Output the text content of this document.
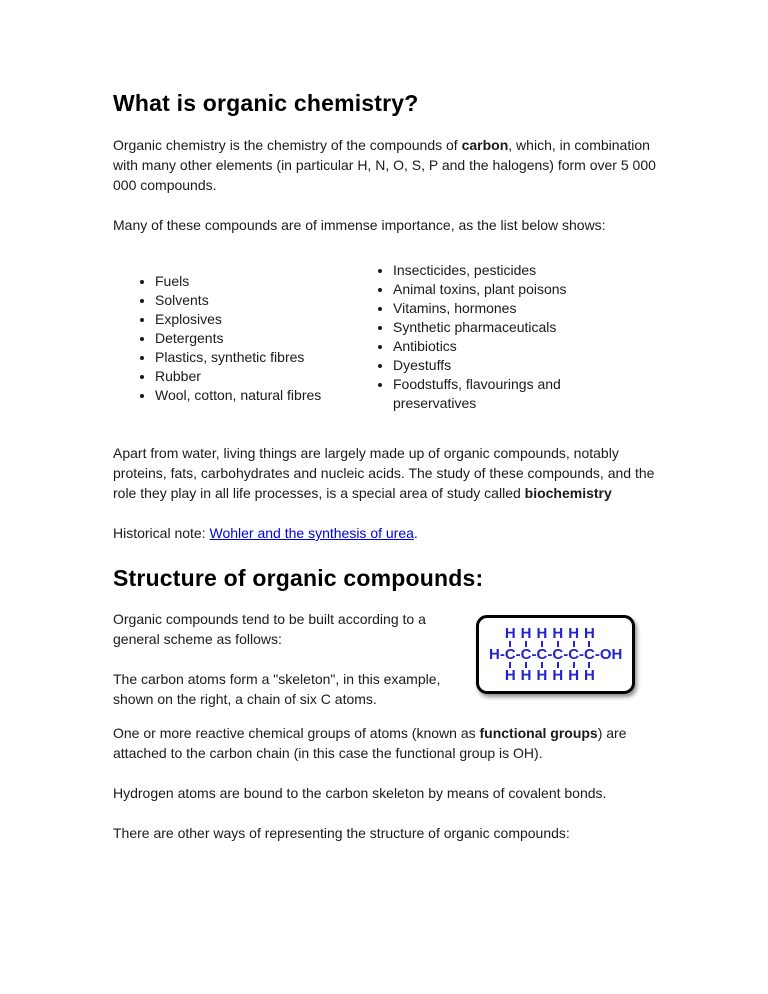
What is organic chemistry?

Organic chemistry is the chemistry of the compounds of carbon, which, in combination with many other elements (in particular H, N, O, S, P and the halogens) form over 5 000 000 compounds.

Many of these compounds are of immense importance, as the list below shows:

• Fuels
• Solvents
• Explosives
• Detergents
• Plastics, synthetic fibres
• Rubber
• Wool, cotton, natural fibres
• Insecticides, pesticides
• Animal toxins, plant poisons
• Vitamins, hormones
• Synthetic pharmaceuticals
• Antibiotics
• Dyestuffs
• Foodstuffs, flavourings and preservatives

Apart from water, living things are largely made up of organic compounds, notably proteins, fats, carbohydrates and nucleic acids. The study of these compounds, and the role they play in all life processes, is a special area of study called biochemistry

Historical note: Wohler and the synthesis of urea.

Structure of organic compounds:

Organic compounds tend to be built according to a general scheme as follows:

The carbon atoms form a "skeleton", in this example, shown on the right, a chain of six C atoms.

H-
H
C
H
-
H
C
H
-
H
C
H
-
H
C
H
-
H
C
H
-
H
C
H
-OH

One or more reactive chemical groups of atoms (known as functional groups) are attached to the carbon chain (in this case the functional group is OH).

Hydrogen atoms are bound to the carbon skeleton by means of covalent bonds.

There are other ways of representing the structure of organic compounds:
